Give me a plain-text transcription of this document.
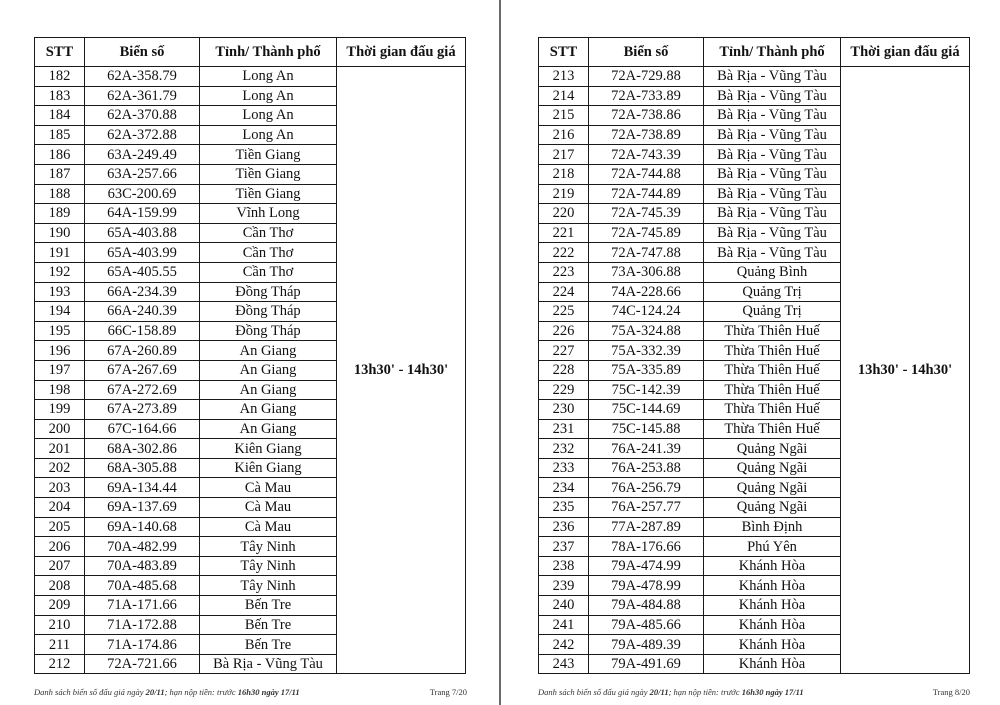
STT	Biển số	Tỉnh/ Thành phố	Thời gian đấu giá
182	62A-358.79	Long An	13h30' - 14h30'
183	62A-361.79	Long An	
184	62A-370.88	Long An	
185	62A-372.88	Long An	
186	63A-249.49	Tiền Giang	
187	63A-257.66	Tiền Giang	
188	63C-200.69	Tiền Giang	
189	64A-159.99	Vĩnh Long	
190	65A-403.88	Cần Thơ	
191	65A-403.99	Cần Thơ	
192	65A-405.55	Cần Thơ	
193	66A-234.39	Đồng Tháp	
194	66A-240.39	Đồng Tháp	
195	66C-158.89	Đồng Tháp	
196	67A-260.89	An Giang	
197	67A-267.69	An Giang	
198	67A-272.69	An Giang	
199	67A-273.89	An Giang	
200	67C-164.66	An Giang	
201	68A-302.86	Kiên Giang	
202	68A-305.88	Kiên Giang	
203	69A-134.44	Cà Mau	
204	69A-137.69	Cà Mau	
205	69A-140.68	Cà Mau	
206	70A-482.99	Tây Ninh	
207	70A-483.89	Tây Ninh	
208	70A-485.68	Tây Ninh	
209	71A-171.66	Bến Tre	
210	71A-172.88	Bến Tre	
211	71A-174.86	Bến Tre	
212	72A-721.66	Bà Rịa - Vũng Tàu	
Danh sách biển số đấu giá ngày 20/11; hạn nộp tiền: trước 16h30 ngày 17/11	Trang 7/20
STT	Biển số	Tỉnh/ Thành phố	Thời gian đấu giá
213	72A-729.88	Bà Rịa - Vũng Tàu	13h30' - 14h30'
214	72A-733.89	Bà Rịa - Vũng Tàu	
215	72A-738.86	Bà Rịa - Vũng Tàu	
216	72A-738.89	Bà Rịa - Vũng Tàu	
217	72A-743.39	Bà Rịa - Vũng Tàu	
218	72A-744.88	Bà Rịa - Vũng Tàu	
219	72A-744.89	Bà Rịa - Vũng Tàu	
220	72A-745.39	Bà Rịa - Vũng Tàu	
221	72A-745.89	Bà Rịa - Vũng Tàu	
222	72A-747.88	Bà Rịa - Vũng Tàu	
223	73A-306.88	Quảng Bình	
224	74A-228.66	Quảng Trị	
225	74C-124.24	Quảng Trị	
226	75A-324.88	Thừa Thiên Huế	
227	75A-332.39	Thừa Thiên Huế	
228	75A-335.89	Thừa Thiên Huế	
229	75C-142.39	Thừa Thiên Huế	
230	75C-144.69	Thừa Thiên Huế	
231	75C-145.88	Thừa Thiên Huế	
232	76A-241.39	Quảng Ngãi	
233	76A-253.88	Quảng Ngãi	
234	76A-256.79	Quảng Ngãi	
235	76A-257.77	Quảng Ngãi	
236	77A-287.89	Bình Định	
237	78A-176.66	Phú Yên	
238	79A-474.99	Khánh Hòa	
239	79A-478.99	Khánh Hòa	
240	79A-484.88	Khánh Hòa	
241	79A-485.66	Khánh Hòa	
242	79A-489.39	Khánh Hòa	
243	79A-491.69	Khánh Hòa	
Danh sách biển số đấu giá ngày 20/11; hạn nộp tiền: trước 16h30 ngày 17/11	Trang 8/20
